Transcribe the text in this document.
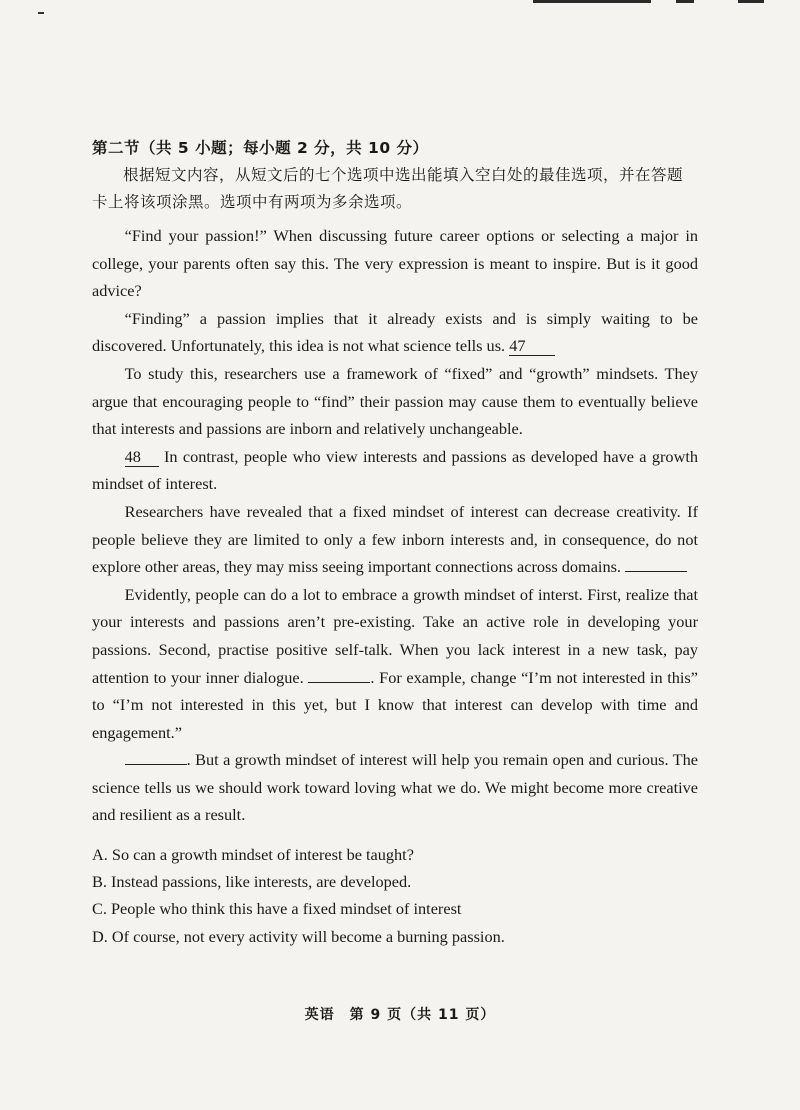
第二节（共 5 小题；每小题 2 分，共 10 分）

根据短文内容，从短文后的七个选项中选出能填入空白处的最佳选项，并在答题卡上将该项涂黑。选项中有两项为多余选项。

“Find your passion!” When discussing future career options or selecting a major in college, your parents often say this. The very expression is meant to inspire. But is it good advice?

“Finding” a passion implies that it already exists and is simply waiting to be discovered. Unfortunately, this idea is not what science tells us. 47

To study this, researchers use a framework of “fixed” and “growth” mindsets. They argue that encouraging people to “find” their passion may cause them to eventually believe that interests and passions are inborn and relatively unchangeable.

48 In contrast, people who view interests and passions as developed have a growth mindset of interest.

Researchers have revealed that a fixed mindset of interest can decrease creativity. If people believe they are limited to only a few inborn interests and, in consequence, do not explore other areas, they may miss seeing important connections across domains.

Evidently, people can do a lot to embrace a growth mindset of interst. First, realize that your interests and passions aren’t pre-existing. Take an active role in developing your passions. Second, practise positive self-talk. When you lack interest in a new task, pay attention to your inner dialogue.	. For example, change “I’m not interested in this” to “I’m not interested in this yet, but I know that interest can develop with time and engagement.”

. But a growth mindset of interest will help you remain open and curious. The science tells us we should work toward loving what we do. We might become more creative and resilient as a result.

A. So can a growth mindset of interest be taught?
B. Instead passions, like interests, are developed.
C. People who think this have a fixed mindset of interest
D. Of course, not every activity will become a burning passion.
英语　第 9 页（共 11 页）
